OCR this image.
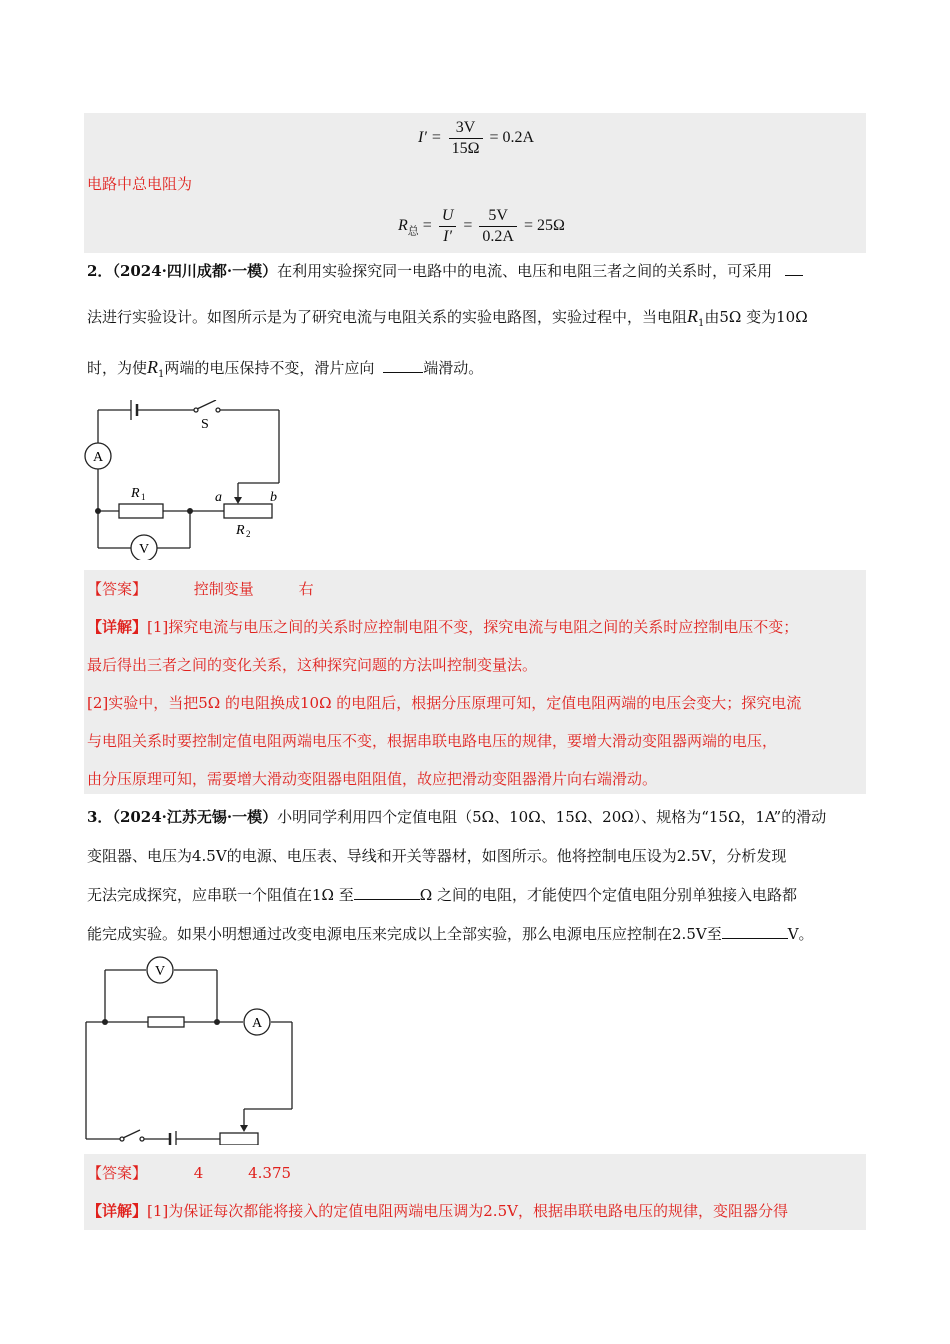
$I' = \frac{3V}{15\Omega} = 0.2A$
电路中总电阻为
$R_总 = \frac{U}{I'} = \frac{5V}{0.2A} = 25\Omega$
2．（2024·四川成都·一模）在利用实验探究同一电路中的电流、电压和电阻三者之间的关系时，可采用
法进行实验设计。如图所示是为了研究电流与电阻关系的实验电路图，实验过程中，当电阻$R_1$由5Ω 变为10Ω
时，为使$R_1$两端的电压保持不变，滑片应向	端滑动。
A
V
S
R 1
R 2
a	b
【答案】	控制变量	右
【详解】[1]探究电流与电压之间的关系时应控制电阻不变，探究电流与电阻之间的关系时应控制电压不变；
最后得出三者之间的变化关系，这种探究问题的方法叫控制变量法。
[2]实验中，当把5Ω 的电阻换成10Ω 的电阻后，根据分压原理可知，定值电阻两端的电压会变大；探究电流
与电阻关系时要控制定值电阻两端电压不变，根据串联电路电压的规律，要增大滑动变阻器两端的电压，
由分压原理可知，需要增大滑动变阻器电阻阻值，故应把滑动变阻器滑片向右端滑动。
3．（2024·江苏无锡·一模）小明同学利用四个定值电阻（5Ω、10Ω、15Ω、20Ω）、规格为“15Ω，1A”的滑动
变阻器、电压为4.5V的电源、电压表、导线和开关等器材，如图所示。他将控制电压设为2.5V，分析发现
无法完成探究，应串联一个阻值在1Ω 至	Ω 之间的电阻，才能使四个定值电阻分别单独接入电路都
能完成实验。如果小明想通过改变电源电压来完成以上全部实验，那么电源电压应控制在2.5V至	V。
V
A
【答案】	4	4.375
【详解】[1]为保证每次都能将接入的定值电阻两端电压调为2.5V，根据串联电路电压的规律，变阻器分得
